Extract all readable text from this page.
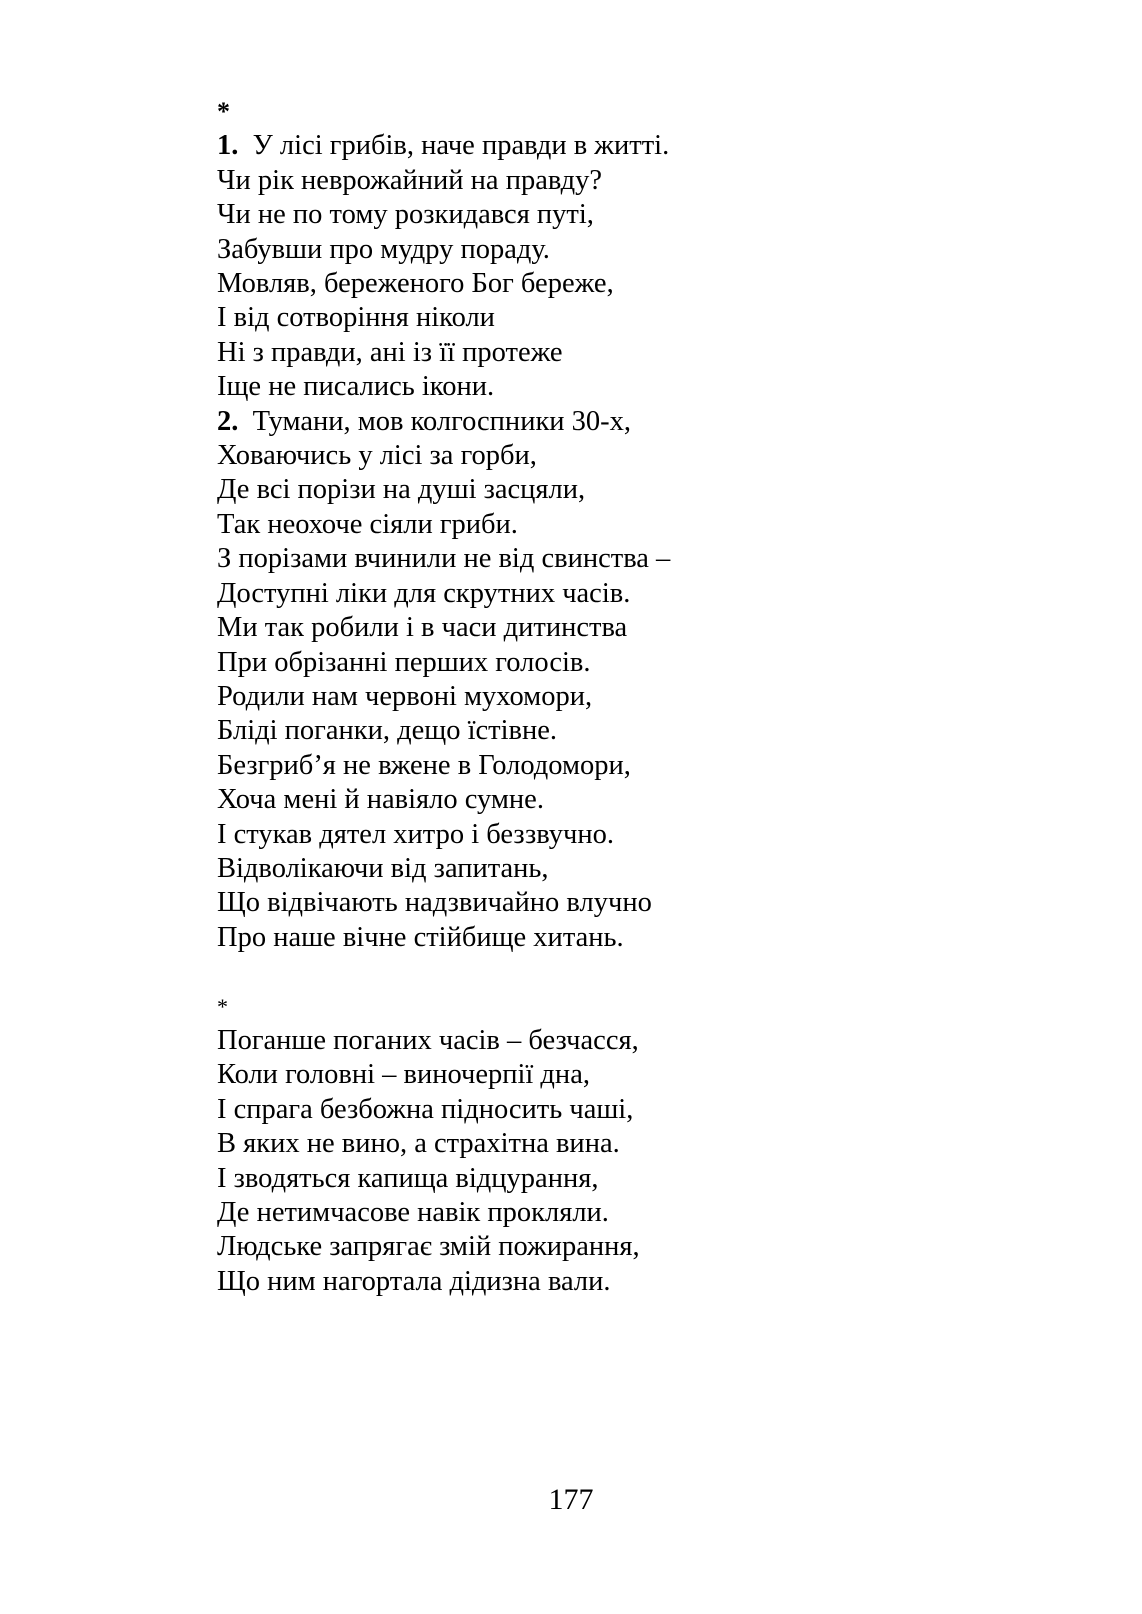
*
1. У лісі грибів, наче правди в житті.
Чи рік неврожайний на правду?
Чи не по тому розкидався путі,
Забувши про мудру пораду.
Мовляв, береженого Бог береже,
І від сотворіння ніколи
Ні з правди, ані із її протеже
Іще не писались ікони.
2. Тумани, мов колгоспники 30-х,
Ховаючись у лісі за горби,
Де всі порізи на душі засцяли,
Так неохоче сіяли гриби.
З порізами вчинили не від свинства –
Доступні ліки для скрутних часів.
Ми так робили і в часи дитинства
При обрізанні перших голосів.
Родили нам червоні мухомори,
Бліді поганки, дещо їстівне.
Безгриб’я не вжене в Голодомори,
Хоча мені й навіяло сумне.
І стукав дятел хитро і беззвучно.
Відволікаючи від запитань,
Що відвічають надзвичайно влучно
Про наше вічне стійбище хитань.
*
Поганше поганих часів – безчасся,
Коли головні – виночерпії дна,
І спрага безбожна підносить чаші,
В яких не вино, а страхітна вина.
І зводяться капища відцурання,
Де нетимчасове навік прокляли.
Людське запрягає змій пожирання,
Що ним нагортала дідизна вали.
177
